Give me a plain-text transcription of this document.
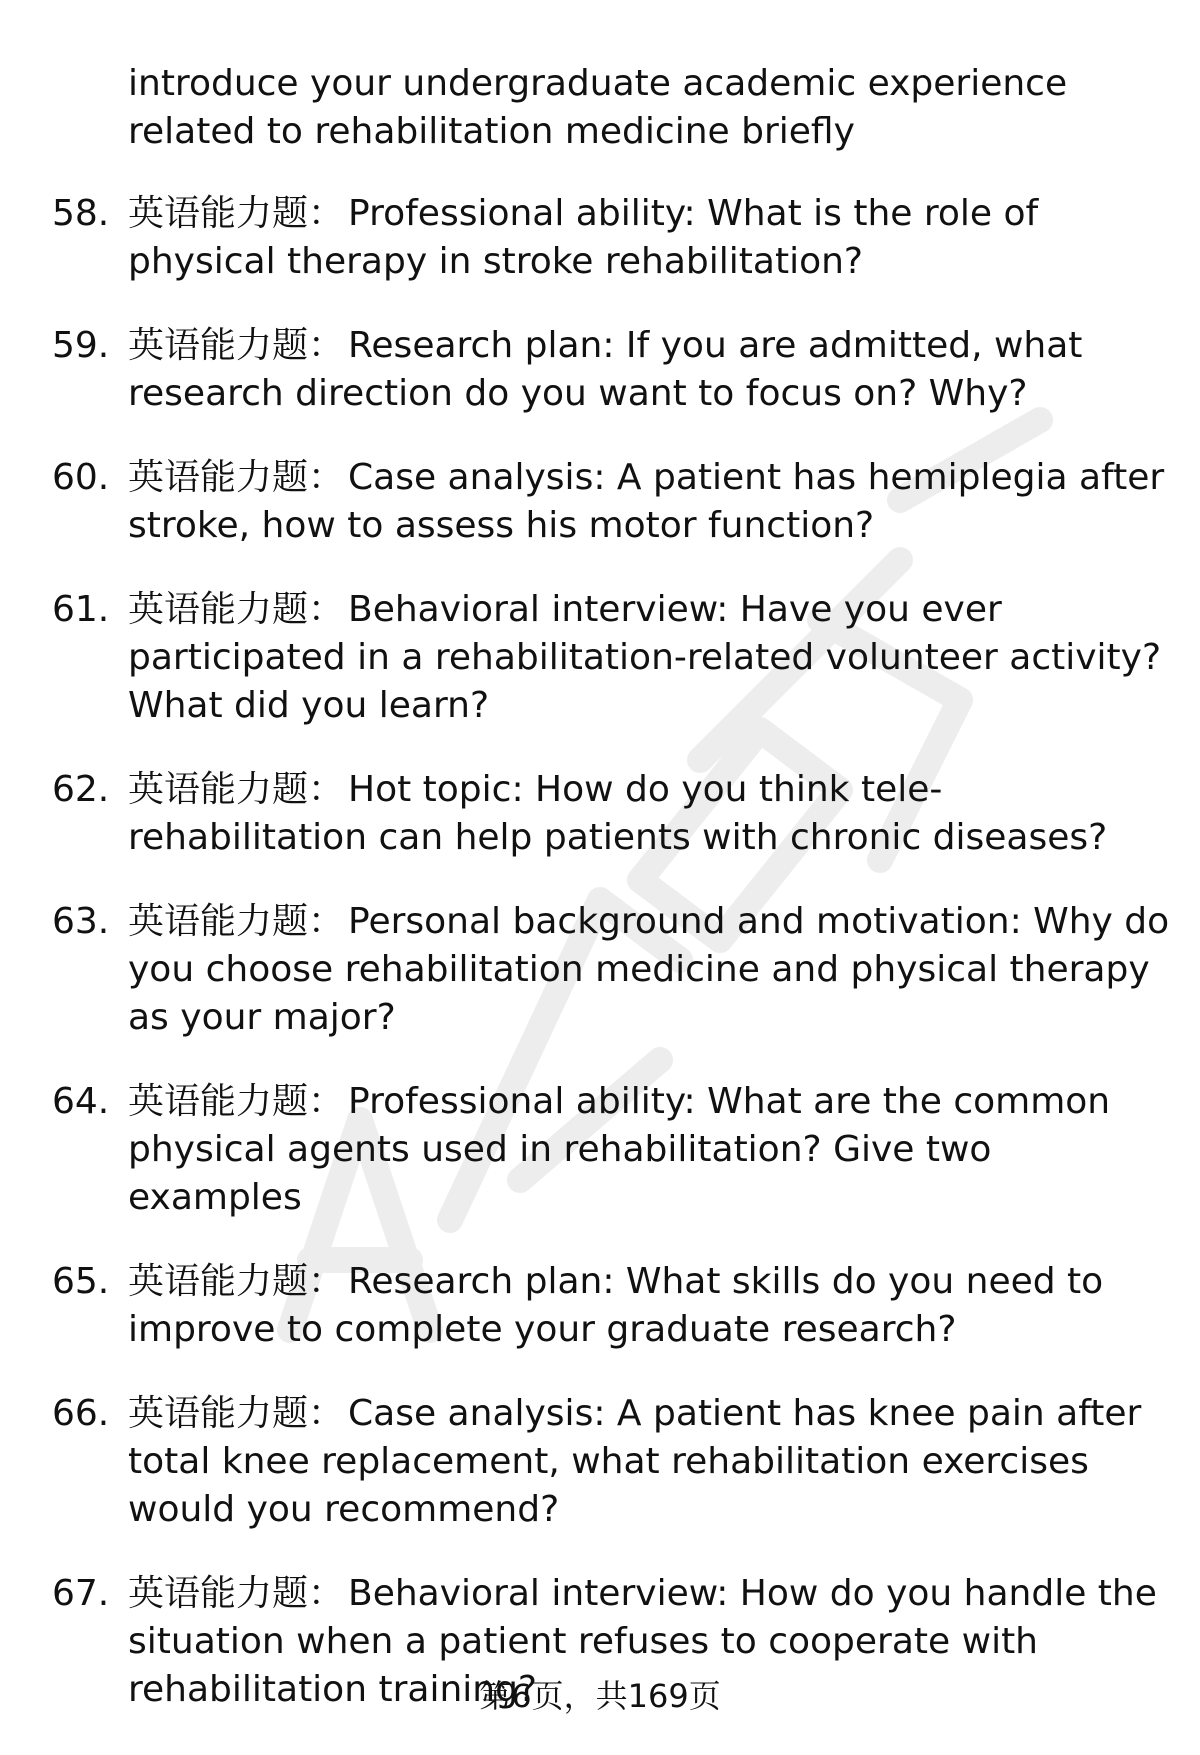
introduce your undergraduate academic experience related to rehabilitation medicine briefly
58. 英语能力题： Professional ability: What is the role of physical therapy in stroke rehabilitation?
59. 英语能力题： Research plan: If you are admitted, what research direction do you want to focus on? Why?
60. 英语能力题： Case analysis: A patient has hemiplegia after stroke, how to assess his motor function?
61. 英语能力题： Behavioral interview: Have you ever participated in a rehabilitation-related volunteer activity? What did you learn?
62. 英语能力题： Hot topic: How do you think tele-rehabilitation can help patients with chronic diseases?
63. 英语能力题： Personal background and motivation: Why do you choose rehabilitation medicine and physical therapy as your major?
64. 英语能力题： Professional ability: What are the common physical agents used in rehabilitation? Give two examples
65. 英语能力题： Research plan: What skills do you need to improve to complete your graduate research?
66. 英语能力题： Case analysis: A patient has knee pain after total knee replacement, what rehabilitation exercises would you recommend?
67. 英语能力题： Behavioral interview: How do you handle the situation when a patient refuses to cooperate with rehabilitation training?
第6页，共169页
